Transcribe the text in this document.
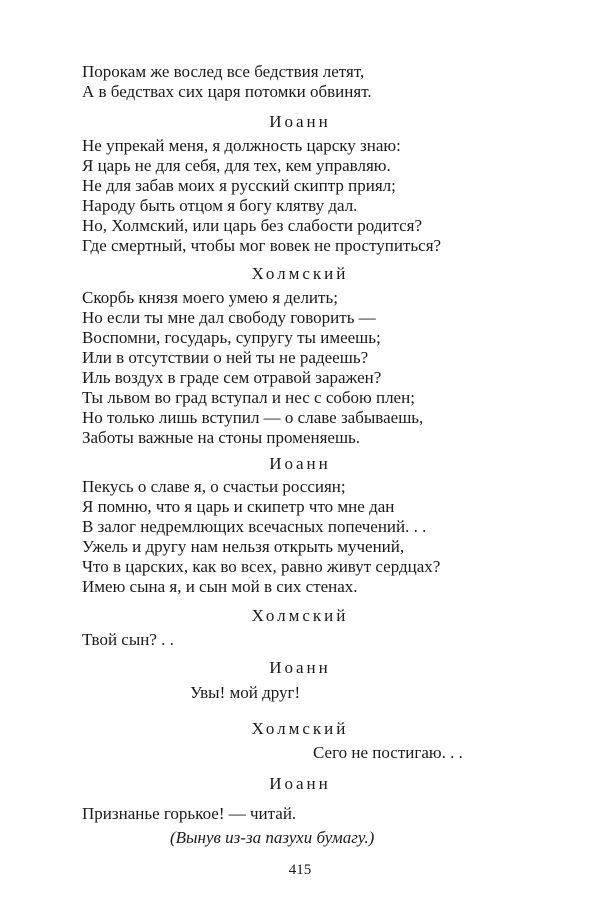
Порокам же вослед все бедствия летят,
А в бедствах сих царя потомки обвинят.
Иоанн
Не упрекай меня, я должность царску знаю:
Я царь не для себя, для тех, кем управляю.
Не для забав моих я русский скиптр приял;
Народу быть отцом я богу клятву дал.
Но, Холмский, или царь без слабости родится?
Где смертный, чтобы мог вовек не проступиться?
Холмский
Скорбь князя моего умею я делить;
Но если ты мне дал свободу говорить —
Воспомни, государь, супругу ты имеешь;
Или в отсутствии о ней ты не радеешь?
Иль воздух в граде сем отравой заражен?
Ты львом во град вступал и нес с собою плен;
Но только лишь вступил — о славе забываешь,
Заботы важные на стоны променяешь.
Иоанн
Пекусь о славе я, о счастьи россиян;
Я помню, что я царь и скипетр что мне дан
В залог недремлющих всечасных попечений. . .
Ужель и другу нам нельзя открыть мучений,
Что в царских, как во всех, равно живут сердцах?
Имею сына я, и сын мой в сих стенах.
Холмский
Твой сын? . .
Иоанн
Увы! мой друг!
Холмский
Сего не постигаю. . .
Иоанн
Признанье горькое! — читай.
(Вынув из-за пазухи бумагу.)
415
